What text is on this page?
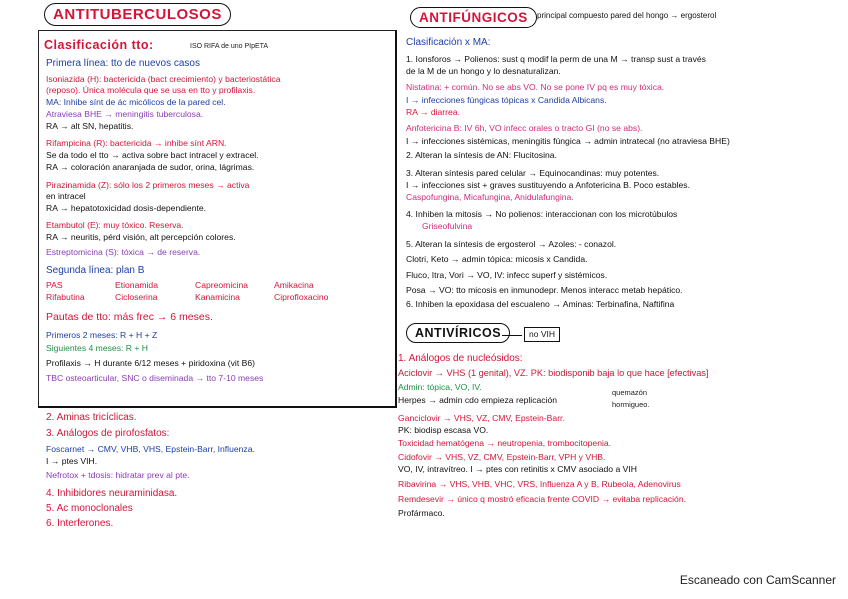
ANTITUBERCULOSOS
Clasificación tto:	ISO RIFA de uno PIpETA
Primera línea: tto de nuevos casos
Isoniazida (H): bactericida (bact crecimiento) y bacteriostática
(reposo). Única molécula que se usa en tto y profilaxis.
MA: Inhibe sínt de ác micólicos de la pared cel.
Atraviesa BHE → meningitis tuberculosa.
RA → alt SN, hepatitis.
Rifampicina (R): bactericida → inhibe sínt ARN.
Se da todo el tto → activa sobre bact intracel y extracel.
RA → coloración anaranjada de sudor, orina, lágrimas.
Pirazinamida (Z): sólo los 2 primeros meses → activa
en intracel
RA → hepatotoxicidad dosis-dependiente.
Etambutol (E): muy tóxico. Reserva.
RA → neuritis, pérd visión, alt percepción colores.
Estreptomicina (S): tóxica → de reserva.
Segunda línea: plan B
PAS	Etionamida	Capreomicina	Amikacina
Rifabutina	Cicloserina	Kanamicina	Ciprofloxacino
Pautas de tto: más frec → 6 meses.
Primeros 2 meses: R + H + Z
Siguientes 4 meses: R + H
Profilaxis → H durante 6/12 meses + piridoxina (vit B6)
TBC osteoarticular, SNC o diseminada → tto 7-10 meses
2. Aminas tricíclicas.
3. Análogos de pirofosfatos:
Foscarnet → CMV, VHB, VHS, Epstein-Barr, Influenza.
I → ptes VIH.
Nefrotox + tdosis: hidratar prev al pte.
4. Inhibidores neuraminidasa.
5. Ac monoclonales
6. Interferones.
ANTIFÚNGICOS	principal compuesto pared del hongo → ergosterol
Clasificación x MA:
1. Ionsforos → Polienos: sust q modif la perm de una M → transp sust a través
de la M de un hongo y lo desnaturalizan.
Nistatina: + común. No se abs VO. No se pone IV pq es muy tóxica.
I → infecciones fúngicas tópicas x Candida Albicans.
RA → diarrea.
Anfotericina B: IV 6h, VO infecc orales o tracto GI (no se abs).
I → infecciones sistémicas, meningitis fúngica → admin intratecal (no atraviesa BHE)
2. Alteran la síntesis de AN: Flucitosina.
3. Alteran síntesis pared celular → Equinocandinas: muy potentes.
I → infecciones sist + graves sustituyendo a Anfotericina B. Poco estables.
Caspofungina, Micafungina, Anidulafungina.
4. Inhiben la mitosis → No polienos: interaccionan con los microtúbulos
Griseofulvina
5. Alteran la síntesis de ergosterol → Azoles: - conazol.
Clotri, Keto → admin tópica: micosis x Candida.
Fluco, Itra, Vori → VO, IV: infecc superf y sistémicos.
Posa → VO: tto micosis en inmunodepr. Menos interacc metab hepático.
6. Inhiben la epoxidasa del escualeno → Aminas: Terbinafina, Naftifina
ANTIVÍRICOS	no VIH
1. Análogos de nucleósidos:
Aciclovir → VHS (1 genital), VZ. PK: biodisponib baja lo que hace [efectivas]
Admin: tópica, VO, IV.
Herpes → admin cdo empieza replicación
quemazón
hormigueo.
Ganciclovir → VHS, VZ, CMV, Epstein-Barr.
PK: biodisp escasa VO.
Toxicidad hematógena → neutropenia, trombocitopenia.
Cidofovir → VHS, VZ, CMV, Epstein-Barr, VPH y VHB.
VO, IV, intravítreo. I → ptes con retinitis x CMV asociado a VIH
Ribavirina → VHS, VHB, VHC, VRS, Influenza A y B, Rubeola, Adenovirus
Remdesevir → único q mostró eficacia frente COVID → evitaba replicación.
Profármaco.
Escaneado con CamScanner
